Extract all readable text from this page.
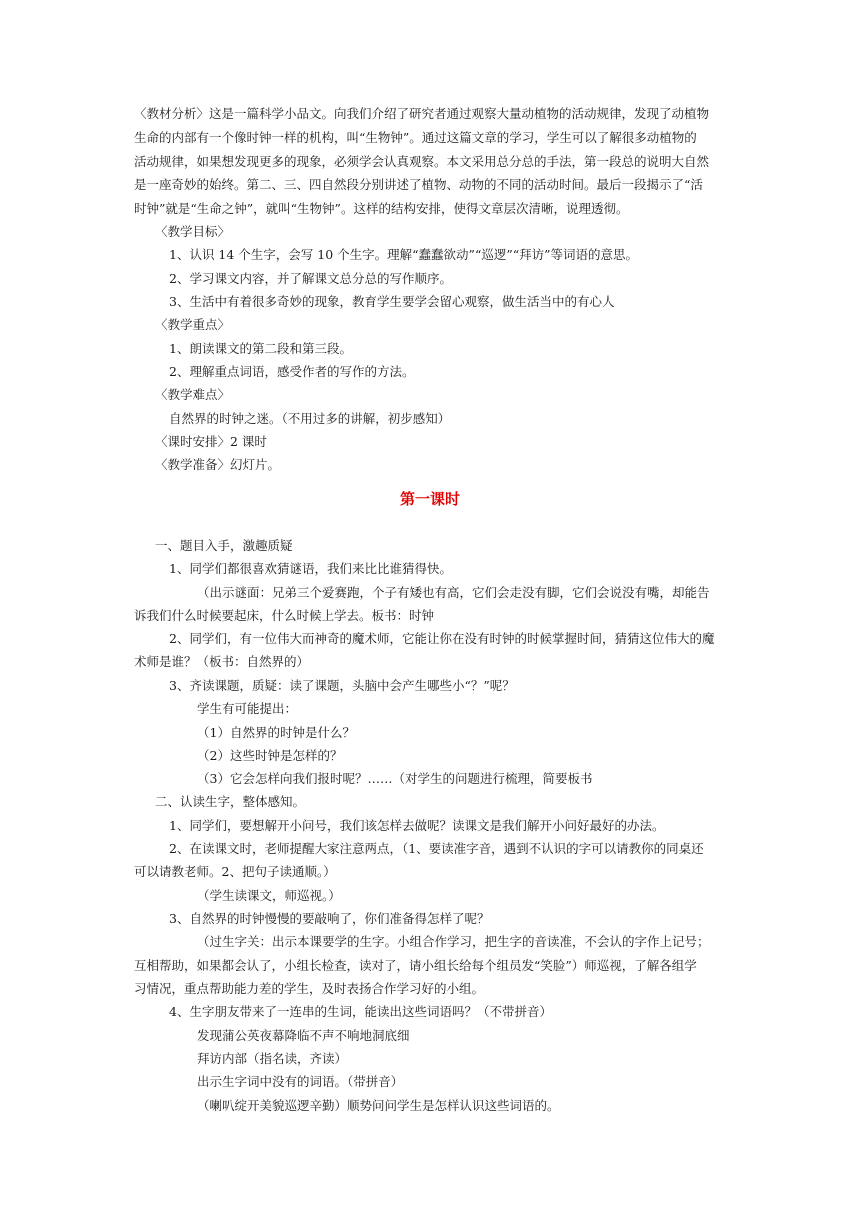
〈教材分析〉这是一篇科学小品文。向我们介绍了研究者通过观察大量动植物的活动规律，发现了动植物
生命的内部有一个像时钟一样的机构，叫“生物钟”。通过这篇文章的学习，学生可以了解很多动植物的
活动规律，如果想发现更多的现象，必须学会认真观察。本文采用总分总的手法，第一段总的说明大自然
是一座奇妙的始终。第二、三、四自然段分别讲述了植物、动物的不同的活动时间。最后一段揭示了“活
时钟”就是“生命之钟”，就叫“生物钟”。这样的结构安排，使得文章层次清晰，说理透彻。
〈教学目标〉
1、认识 14 个生字，会写 10 个生字。理解“蠢蠢欲动”“巡逻”“拜访”等词语的意思。
2、学习课文内容，并了解课文总分总的写作顺序。
3、生活中有着很多奇妙的现象，教育学生要学会留心观察，做生活当中的有心人
〈教学重点〉
1、朗读课文的第二段和第三段。
2、理解重点词语，感受作者的写作的方法。
〈教学难点〉
自然界的时钟之迷。（不用过多的讲解，初步感知）
〈课时安排〉2 课时
〈教学准备〉幻灯片。
第一课时
一、题目入手，激趣质疑
1、同学们都很喜欢猜谜语，我们来比比谁猜得快。
（出示谜面：兄弟三个爱赛跑，个子有矮也有高，它们会走没有脚，它们会说没有嘴，却能告
诉我们什么时候要起床，什么时候上学去。板书：时钟
2、同学们，有一位伟大而神奇的魔术师，它能让你在没有时钟的时候掌握时间，猜猜这位伟大的魔
术师是谁？（板书：自然界的）
3、齐读课题，质疑：读了课题，头脑中会产生哪些小“？”呢？
学生有可能提出：
（1）自然界的时钟是什么？
（2）这些时钟是怎样的？
（3）它会怎样向我们报时呢？……（对学生的问题进行梳理，简要板书
二、认读生字，整体感知。
1、同学们，要想解开小问号，我们该怎样去做呢？读课文是我们解开小问好最好的办法。
2、在读课文时，老师提醒大家注意两点，（1、要读准字音，遇到不认识的字可以请教你的同桌还
可以请教老师。2、把句子读通顺。）
（学生读课文，师巡视。）
3、自然界的时钟慢慢的要敲响了，你们准备得怎样了呢？
（过生字关：出示本课要学的生字。小组合作学习，把生字的音读准，不会认的字作上记号；
互相帮助，如果都会认了，小组长检查，读对了，请小组长给每个组员发“笑脸”）师巡视，了解各组学
习情况，重点帮助能力差的学生，及时表扬合作学习好的小组。
4、生字朋友带来了一连串的生词，能读出这些词语吗？（不带拼音）
发现蒲公英夜幕降临不声不响地洞底细
拜访内部（指名读，齐读）
出示生字词中没有的词语。（带拼音）
（喇叭绽开美貌巡逻辛勤）顺势问问学生是怎样认识这些词语的。
